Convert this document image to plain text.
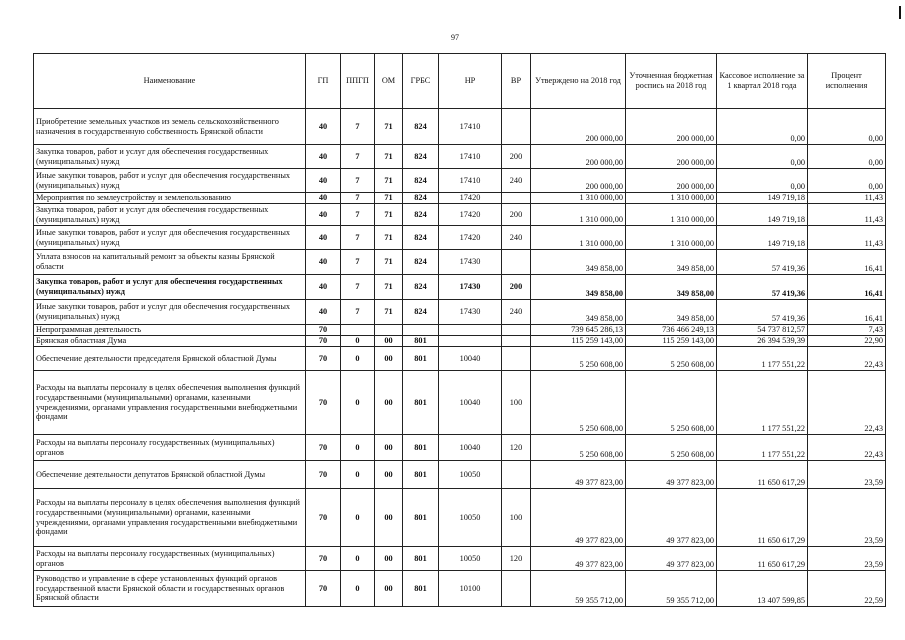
97
Наименование	ГП	ППГП	ОМ	ГРБС	НР	ВР	Утверждено на 2018 год	Уточненная бюджетная роспись на 2018 год	Кассовое исполнение за 1 квартал 2018 года	Процент исполнения
Приобретение земельных участков из земель сельскохозяйственного назначения в государственную собственность Брянской области	40	7	71	824	17410		200 000,00	200 000,00	0,00	0,00
Закупка товаров, работ и услуг для обеспечения государственных (муниципальных) нужд	40	7	71	824	17410	200	200 000,00	200 000,00	0,00	0,00
Иные закупки товаров, работ и услуг для обеспечения государственных (муниципальных) нужд	40	7	71	824	17410	240	200 000,00	200 000,00	0,00	0,00
Мероприятия по землеустройству и землепользованию	40	7	71	824	17420		1 310 000,00	1 310 000,00	149 719,18	11,43
Закупка товаров, работ и услуг для обеспечения государственных (муниципальных) нужд	40	7	71	824	17420	200	1 310 000,00	1 310 000,00	149 719,18	11,43
Иные закупки товаров, работ и услуг для обеспечения государственных (муниципальных) нужд	40	7	71	824	17420	240	1 310 000,00	1 310 000,00	149 719,18	11,43
Уплата взносов на капитальный ремонт за объекты казны Брянской области	40	7	71	824	17430		349 858,00	349 858,00	57 419,36	16,41
Закупка товаров, работ и услуг для обеспечения государственных (муниципальных) нужд	40	7	71	824	17430	200	349 858,00	349 858,00	57 419,36	16,41
Иные закупки товаров, работ и услуг для обеспечения государственных (муниципальных) нужд	40	7	71	824	17430	240	349 858,00	349 858,00	57 419,36	16,41
Непрограммная деятельность	70						739 645 286,13	736 466 249,13	54 737 812,57	7,43
Брянская областная Дума	70	0	00	801			115 259 143,00	115 259 143,00	26 394 539,39	22,90
Обеспечение деятельности председателя Брянской областной Думы	70	0	00	801	10040		5 250 608,00	5 250 608,00	1 177 551,22	22,43
Расходы на выплаты персоналу в целях обеспечения выполнения функций государственными (муниципальными) органами, казенными учреждениями, органами управления государственными внебюджетными фондами	70	0	00	801	10040	100	5 250 608,00	5 250 608,00	1 177 551,22	22,43
Расходы на выплаты персоналу государственных (муниципальных) органов	70	0	00	801	10040	120	5 250 608,00	5 250 608,00	1 177 551,22	22,43
Обеспечение деятельности депутатов Брянской областной Думы	70	0	00	801	10050		49 377 823,00	49 377 823,00	11 650 617,29	23,59
Расходы на выплаты персоналу в целях обеспечения выполнения функций государственными (муниципальными) органами, казенными учреждениями, органами управления государственными внебюджетными фондами	70	0	00	801	10050	100	49 377 823,00	49 377 823,00	11 650 617,29	23,59
Расходы на выплаты персоналу государственных (муниципальных) органов	70	0	00	801	10050	120	49 377 823,00	49 377 823,00	11 650 617,29	23,59
Руководство и управление в сфере установленных функций органов государственной власти Брянской области и государственных органов Брянской области	70	0	00	801	10100		59 355 712,00	59 355 712,00	13 407 599,85	22,59
